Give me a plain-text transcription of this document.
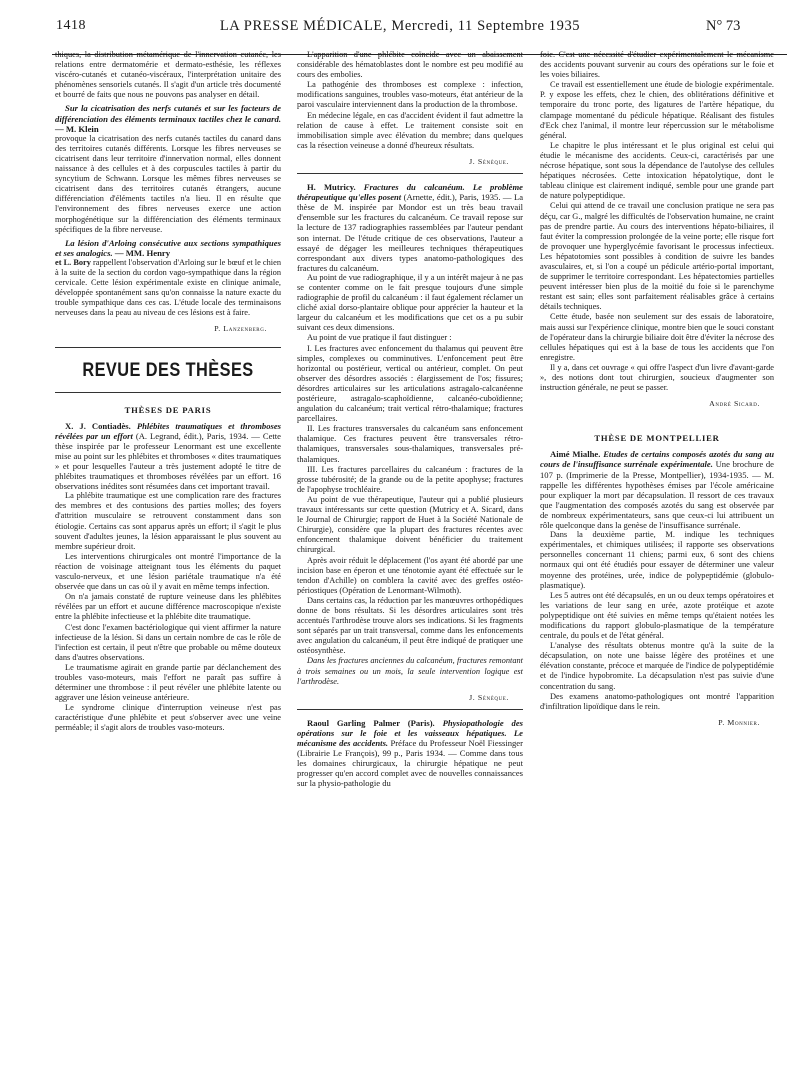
1418	LA PRESSE MÉDICALE, Mercredi, 11 Septembre 1935	N° 73

thiques, la distribution métamérique de l'innervation cutanée, les relations entre dermatomérie et dermato-esthésie, les réflexes viscéro-cutanés et cutanéo-viscéraux, l'interprétation unitaire des phénomènes sensoriels cutanés. Il s'agit d'un article très documenté et bourré de faits que nous ne pouvons pas analyser en détail.

Sur la cicatrisation des nerfs cutanés et sur les facteurs de différenciation des éléments terminaux tactiles chez le canard. — M. Klein

provoque la cicatrisation des nerfs cutanés tactiles du canard dans des territoires cutanés différents. Lorsque les fibres nerveuses se cicatrisent dans leur territoire d'innervation normal, elles donnent naissance à des cellules et à des corpuscules tactiles à partir du syncytium de Schwann. Lorsque les mêmes fibres nerveuses se cicatrisent dans des territoires cutanés étrangers, aucune différenciation d'éléments tactiles n'a lieu. Il en résulte que l'environnement des fibres nerveuses exerce une action morphogénétique sur la différenciation des éléments terminaux spécifiques de la fibre nerveuse.

La lésion d'Arloing consécutive aux sections sympathiques et ses analogics. — MM. Henry

et L. Bory rappellent l'observation d'Arloing sur le bœuf et le chien à la suite de la section du cordon vago-sympathique dans la région cervicale. Cette lésion expérimentale existe en clinique animale, développée spontanément sans qu'on connaisse la nature exacte du trouble sympathique dans ces cas. L'étude locale des terminaisons nerveuses dans la peau au niveau de ces lésions est à faire.

P. Lanzenberg.
REVUE DES THÈSES
THÈSES DE PARIS

X. J. Contiadès. Phlébites traumatiques et thromboses révélées par un effort (A. Legrand, édit.), Paris, 1934. — Cette thèse inspirée par le professeur Lenormant est une excellente mise au point sur les phlébites et thromboses « dites traumatiques » et pour lesquelles l'auteur a très justement adopté le titre de phlébites traumatiques et thromboses révélées par un effort. 16 observations inédites sont résumées dans cet important travail.

La phlébite traumatique est une complication rare des fractures des membres et des contusions des parties molles; des foyers d'attrition musculaire se retrouvent constamment dans son étiologie. Certains cas sont apparus après un effort; il s'agit le plus souvent d'adultes jeunes, la lésion apparaissant le plus souvent au membre supérieur droit.

Les interventions chirurgicales ont montré l'importance de la réaction de voisinage atteignant tous les éléments du paquet vasculo-nerveux, et une lésion pariétale traumatique n'a été observée que dans un cas où il y avait en même temps infection.

On n'a jamais constaté de rupture veineuse dans les phlébites révélées par un effort et aucune différence macroscopique n'existe entre la phlébite infectieuse et la phlébite dite traumatique.

C'est donc l'examen bactériologique qui vient affirmer la nature infectieuse de la lésion. Si dans un certain nombre de cas le rôle de l'infection est certain, il peut n'être que probable ou même douteux dans d'autres observations.

Le traumatisme agirait en grande partie par déclanchement des troubles vaso-moteurs, mais l'effort ne paraît pas suffire à déterminer une thrombose : il peut révéler une phlébite latente ou aggraver une lésion veineuse antérieure.

Le syndrome clinique d'interruption veineuse n'est pas caractéristique d'une phlébite et peut s'observer avec une veine perméable; il s'agit alors de troubles vaso-moteurs.

L'apparition d'une phlébite coïncide avec un abaissement considérable des hématoblastes dont le nombre est peu modifié au cours des embolies.

La pathogénie des thromboses est complexe : infection, modifications sanguines, troubles vaso-moteurs, état antérieur de la paroi vasculaire interviennent dans la production de la thrombose.

En médecine légale, en cas d'accident évident il faut admettre la relation de cause à effet. Le traitement consiste soit en immobilisation simple avec élévation du membre; dans quelques cas la résection veineuse a donné d'heureux résultats.

J. Sénèque.

H. Mutricy. Fractures du calcanéum. Le problème thérapeutique qu'elles posent (Arnette, édit.), Paris, 1935. — La thèse de M. inspirée par Mondor est un très beau travail d'ensemble sur les fractures du calcanéum. Ce travail repose sur la lecture de 137 radiographies rassemblées par l'auteur pendant son internat. De l'étude critique de ces observations, l'auteur a essayé de dégager les meilleures techniques thérapeutiques correspondant aux divers types anatomo-pathologiques des fractures du calcanéum.

Au point de vue radiographique, il y a un intérêt majeur à ne pas se contenter comme on le fait presque toujours d'une simple radiographie de profil du calcanéum : il faut également réclamer un cliché axial dorso-plantaire oblique pour apprécier la hauteur et la largeur du calcanéum et les modifications que cet os a pu subir suivant ces deux dimensions.

Au point de vue pratique il faut distinguer :

I. Les fractures avec enfoncement du thalamus qui peuvent être simples, complexes ou comminutives. L'enfoncement peut être horizontal ou postérieur, vertical ou antérieur, complet. On peut observer des désordres associés : élargissement de l'os; fissures; désordres articulaires sur les articulations astragalo-calcanéenne postérieure, astragalo-scaphoïdienne, calcanéo-cuboïdienne; angulation du calcanéum; trait vertical rétro-thalamique; fractures parcellaires.

II. Les fractures transversales du calcanéum sans enfoncement thalamique. Ces fractures peuvent être transversales rétro-thalamiques, transversales sous-thalamiques, transversales pré-thalamiques.

III. Les fractures parcellaires du calcanéum : fractures de la grosse tubérosité; de la grande ou de la petite apophyse; fractures de l'apophyse trochléaire.

Au point de vue thérapeutique, l'auteur qui a publié plusieurs travaux intéressants sur cette question (Mutricy et A. Sicard, dans le Journal de Chirurgie; rapport de Huet à la Société Nationale de Chirurgie), considère que la plupart des fractures récentes avec enfoncement thalamique doivent bénéficier du traitement chirurgical.

Après avoir réduit le déplacement (l'os ayant été abordé par une incision base en éperon et une ténotomie ayant été effectuée sur le tendon d'Achille) on comblera la cavité avec des greffes ostéo-périostiques (Opération de Lenormant-Wilmoth).

Dans certains cas, la réduction par les manœuvres orthopédiques donne de bons résultats. Si les désordres articulaires sont très accentués l'arthrodèse trouve alors ses indications. Si les fragments sont séparés par un trait transversal, comme dans les enfoncements avec angulation du calcanéum, il peut être indiqué de pratiquer une ostéosynthèse.

Dans les fractures anciennes du calcanéum, fractures remontant à trois semaines ou un mois, la seule intervention logique est l'arthrodèse.

J. Sénèque.

Raoul Garling Palmer (Paris). Physiopathologie des opérations sur le foie et les vaisseaux hépatiques. Le mécanisme des accidents. Préface du Professeur Noël Fiessinger (Librairie Le François), 99 p., Paris 1934. — Comme dans tous les domaines chirurgicaux, la chirurgie hépatique ne peut progresser qu'en accord complet avec de nouvelles connaissances sur la physio-pathologie du

foie. C'est une nécessité d'étudier expérimentalement le mécanisme des accidents pouvant survenir au cours des opérations sur le foie et les voies biliaires.

Ce travail est essentiellement une étude de biologie expérimentale. P. y expose les effets, chez le chien, des oblitérations définitive et temporaire du tronc porte, des ligatures de l'artère hépatique, du clampage momentané du pédicule hépatique. Réalisant des fistules d'Eck chez l'animal, il montre leur répercussion sur le métabolisme général.

Le chapitre le plus intéressant et le plus original est celui qui étudie le mécanisme des accidents. Ceux-ci, caractérisés par une nécrose hépatique, sont sous la dépendance de l'autolyse des cellules hépatiques nécrosées. Cette intoxication hépatolytique, dont le tableau clinique est clairement indiqué, semble pour une grande part de nature polypeptidique.

Celui qui attend de ce travail une conclusion pratique ne sera pas déçu, car G., malgré les difficultés de l'observation humaine, ne craint pas de prendre partie. Au cours des interventions hépato-biliaires, il faut éviter la compression prolongée de la veine porte; elle risque fort de provoquer une hyperglycémie favorisant le processus infectieux. Les hépatotomies sont possibles à condition de suivre les bandes avasculaires, et, si l'on a coupé un pédicule artério-portal important, de supprimer le territoire correspondant. Les hépatectomies partielles peuvent intéresser bien plus de la moitié du foie si le parenchyme restant est sain; elles sont parfaitement réalisables grâce à certains détails techniques.

Cette étude, basée non seulement sur des essais de laboratoire, mais aussi sur l'expérience clinique, montre bien que le souci constant de l'opérateur dans la chirurgie biliaire doit être d'éviter la nécrose des cellules hépatiques qui est à la base de tous les accidents que l'on enregistre.

Il y a, dans cet ouvrage « qui offre l'aspect d'un livre d'avant-garde », des notions dont tout chirurgien, soucieux d'augmenter son instruction générale, ne peut se passer.

André Sicard.
THÈSE DE MONTPELLIER

Aimé Mialhe. Etudes de certains composés azotés du sang au cours de l'insuffisance surrénale expérimentale. Une brochure de 107 p. (Imprimerie de la Presse, Montpellier), 1934-1935. — M. rappelle les différentes hypothèses émises par l'école américaine pour expliquer la mort par décapsulation. Il ressort de ces travaux que l'augmentation des composés azotés du sang est observée par de nombreux expérimentateurs, sans que ceux-ci lui attribuent un rôle quelconque dans la genèse de l'insuffisance surrénale.

Dans la deuxième partie, M. indique les techniques expérimentales, et chimiques utilisées; il rapporte ses observations personnelles concernant 11 chiens; parmi eux, 6 sont des chiens normaux qui ont été étudiés pour essayer de déterminer une valeur moyenne des protéines, urée, indice de polypeptidémie (globulo-plasmatique).

Les 5 autres ont été décapsulés, en un ou deux temps opératoires et les variations de leur sang en urée, azote protéique et azote polypeptidique ont été suivies en même temps qu'étaient notées les modifications du rapport globulo-plasmatique de la température centrale, du pouls et de l'état général.

L'analyse des résultats obtenus montre qu'à la suite de la décapsulation, on note une baisse légère des protéines et une élévation constante, précoce et marquée de l'indice de polypeptidémie et de l'indice hypobromite. La décapsulation n'est pas suivie d'une concentration du sang.

Des examens anatomo-pathologiques ont montré l'apparition d'infiltration lipoïdique dans le rein.

P. Monnier.
